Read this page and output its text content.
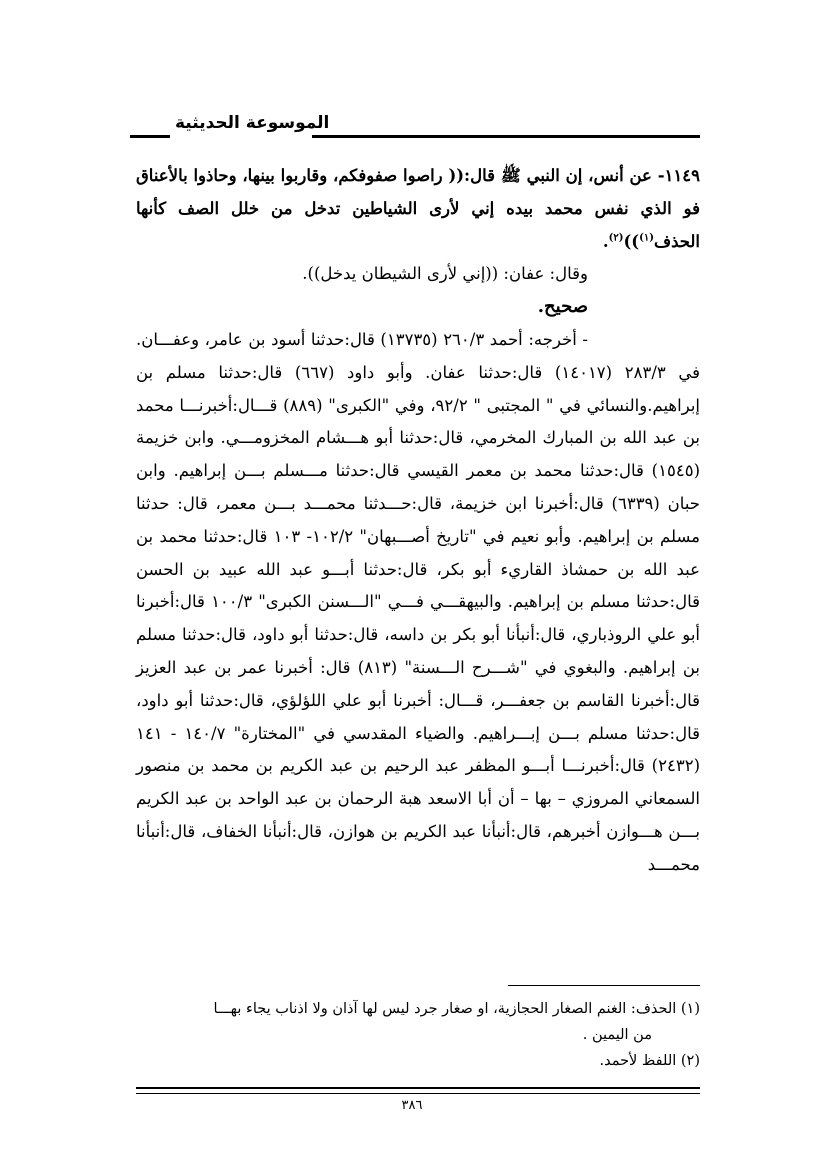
الموسوعة الحديثية

١١٤٩- عن أنس، إن النبي ﷺ قال:(( راصوا صفوفكم، وقاربوا بينها، وحاذوا بالأعناق فو الذي نفس محمد بيده إني لأرى الشياطين تدخل من خلل الصف كأنها الحذف$^{(١)}$))$^{(٢)}$.

وقال: عفان: ((إني لأرى الشيطان يدخل)).

صحيح.

- أخرجه: أحمد ٢٦٠/٣ (١٣٧٣٥) قال:حدثنا أسود بن عامر، وعفـــان. في ٢٨٣/٣ (١٤٠١٧) قال:حدثنا عفان. وأبو داود (٦٦٧) قال:حدثنا مسلم بن إبراهيم.والنسائي في " المجتبى " ٩٢/٢، وفي "الكبرى" (٨٨٩) قـــال:أخبرنـــا محمد بن عبد الله بن المبارك المخرمي، قال:حدثنا أبو هـــشام المخزومـــي. وابن خزيمة (١٥٤٥) قال:حدثنا محمد بن معمر القيسي قال:حدثنا مـــسلم بـــن إبراهيم. وابن حبان (٦٣٣٩) قال:أخبرنا ابن خزيمة، قال:حـــدثنا محمـــد بـــن معمر، قال: حدثنا مسلم بن إبراهيم. وأبو نعيم في "تاريخ أصـــبهان" ١٠٢/٢- ١٠٣ قال:حدثنا محمد بن عبد الله بن حمشاذ القاريء أبو بكر، قال:حدثنا أبـــو عبد الله عبيد بن الحسن قال:حدثنا مسلم بن إبراهيم. والبيهقـــي فـــي "الـــسنن الكبرى" ١٠٠/٣ قال:أخبرنا أبو علي الروذباري، قال:أنبأنا أبو بكر بن داسه، قال:حدثنا أبو داود، قال:حدثنا مسلم بن إبراهيم. والبغوي في "شـــرح الـــسنة" (٨١٣) قال: أخبرنا عمر بن عبد العزيز قال:أخبرنا القاسم بن جعفـــر، قـــال: أخبرنا أبو علي اللؤلؤي، قال:حدثنا أبو داود، قال:حدثنا مسلم بـــن إبـــراهيم. والضياء المقدسي في "المختارة" ١٤٠/٧ - ١٤١ (٢٤٣٢) قال:أخبرنـــا أبـــو المظفر عبد الرحيم بن عبد الكريم بن محمد بن منصور السمعاني المروزي – بها – أن أبا الاسعد هبة الرحمان بن عبد الواحد بن عبد الكريم بـــن هـــوازن أخبرهم، قال:أنبأنا عبد الكريم بن هوازن، قال:أنبأنا الخفاف، قال:أنبأنا محمـــد

(١) الحذف: الغنم الصغار الحجازية، او صغار جرد ليس لها آذان ولا اذناب يجاء بهـــا

من اليمين .

(٢) اللفظ لأحمد.

٣٨٦
